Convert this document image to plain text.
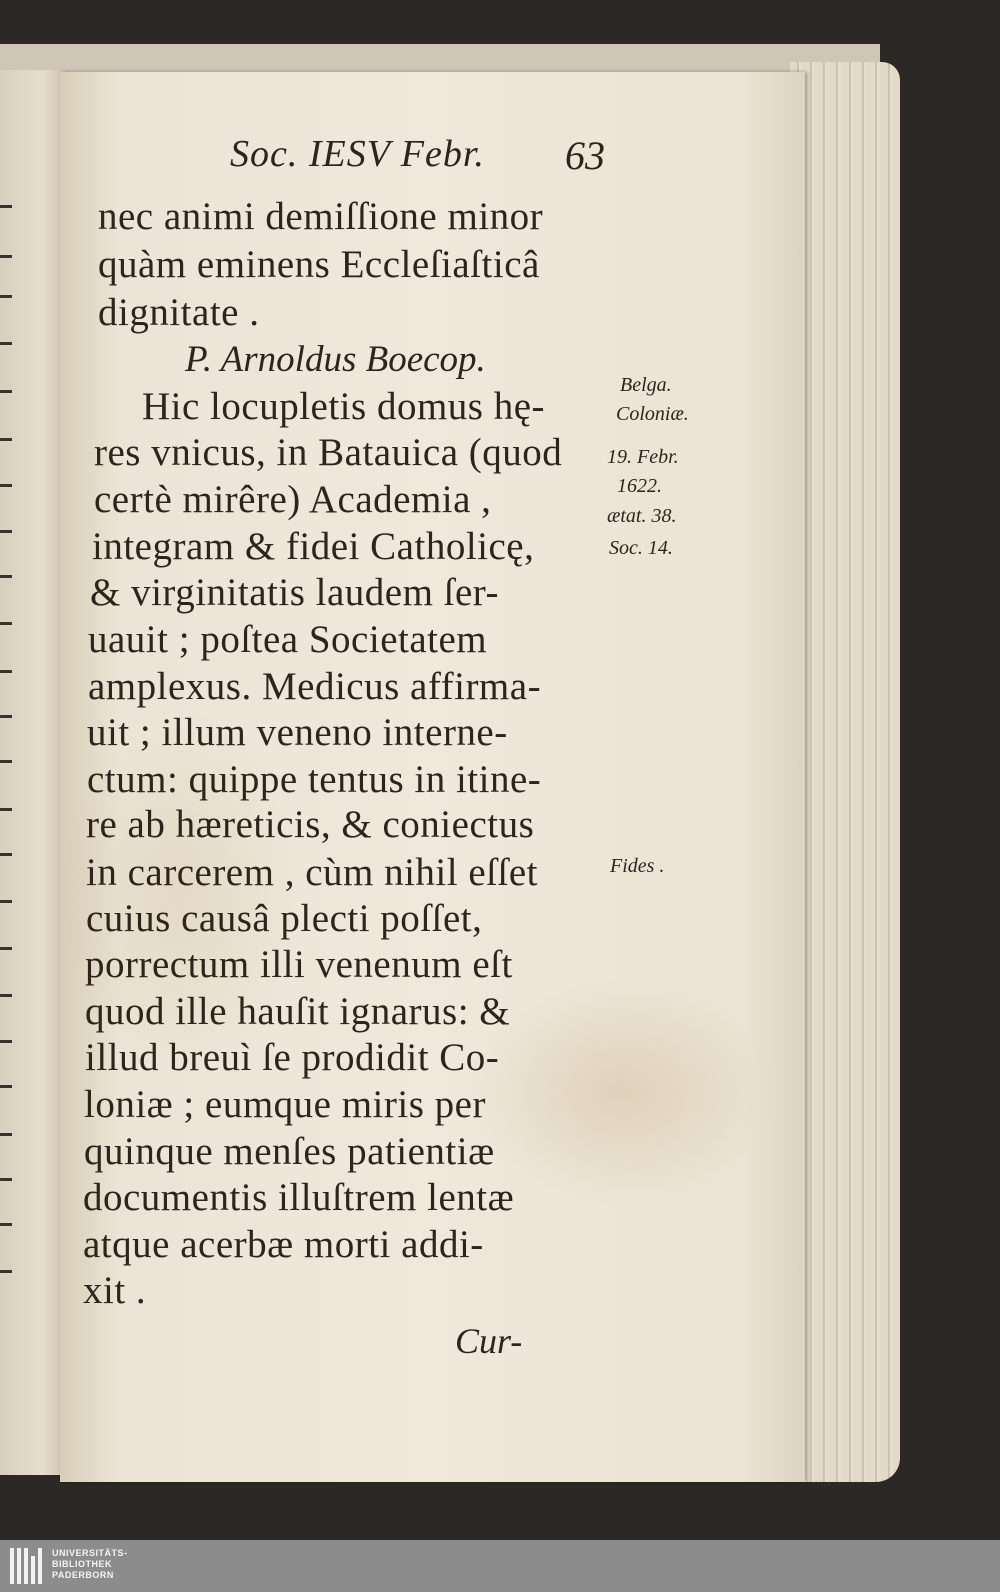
Soc. IESV Febr. 63
nec animi demiſſione minor
quàm eminens Eccleſiaſticâ
dignitate .
P. Arnoldus Boecop.
Hic locupletis domus hę-
res vnicus, in Batauica (quod
certè mirêre) Academia ,
integram & fidei Catholicę,
& virginitatis laudem ſer-
uauit ; poſtea Societatem
amplexus. Medicus affirma-
uit ; illum veneno interne-
ctum: quippe tentus in itine-
re ab hæreticis, & coniectus
in carcerem , cùm nihil eſſet
cuius causâ plecti poſſet,
porrectum illi venenum eſt
quod ille hauſit ignarus: &
illud breuì ſe prodidit Co-
loniæ ; eumque miris per
quinque menſes patientiæ
documentis illuſtrem lentæ
atque acerbæ morti addi-
xit .
Cur-
Belga.
Coloniæ.
19. Febr.
1622.
ætat. 38.
Soc. 14.
Fides .
UNIVERSITÄTS-
BIBLIOTHEK
PADERBORN
